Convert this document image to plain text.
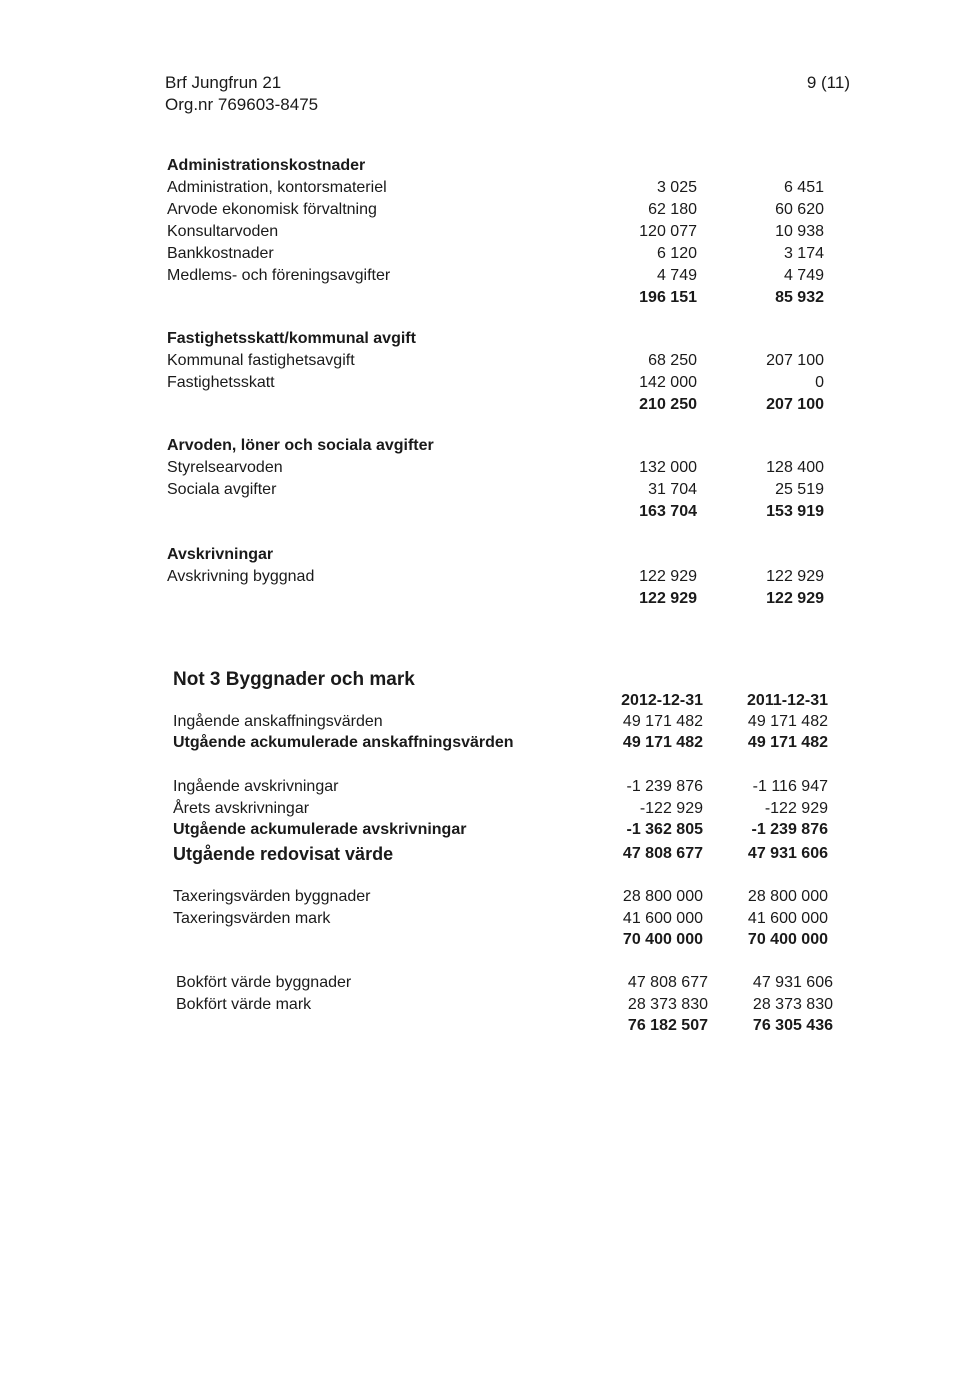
Brf Jungfrun 21
Org.nr 769603-8475
9 (11)
Administrationskostnader
Administration, kontorsmateriel	3 025	6 451
Arvode ekonomisk förvaltning	62 180	60 620
Konsultarvoden	120 077	10 938
Bankkostnader	6 120	3 174
Medlems- och föreningsavgifter	4 749	4 749
196 151	85 932
Fastighetsskatt/kommunal avgift
Kommunal fastighetsavgift	68 250	207 100
Fastighetsskatt	142 000	0
210 250	207 100
Arvoden, löner och sociala avgifter
Styrelsearvoden	132 000	128 400
Sociala avgifter	31 704	25 519
163 704	153 919
Avskrivningar
Avskrivning byggnad	122 929	122 929
122 929	122 929
Not 3 Byggnader och mark
2012-12-31	2011-12-31
Ingående anskaffningsvärden	49 171 482	49 171 482
Utgående ackumulerade anskaffningsvärden	49 171 482	49 171 482
Ingående avskrivningar	-1 239 876	-1 116 947
Årets avskrivningar	-122 929	-122 929
Utgående ackumulerade avskrivningar	-1 362 805	-1 239 876
Utgående redovisat värde	47 808 677	47 931 606
Taxeringsvärden byggnader	28 800 000	28 800 000
Taxeringsvärden mark	41 600 000	41 600 000
70 400 000	70 400 000
Bokfört värde byggnader	47 808 677	47 931 606
Bokfört värde mark	28 373 830	28 373 830
76 182 507	76 305 436
